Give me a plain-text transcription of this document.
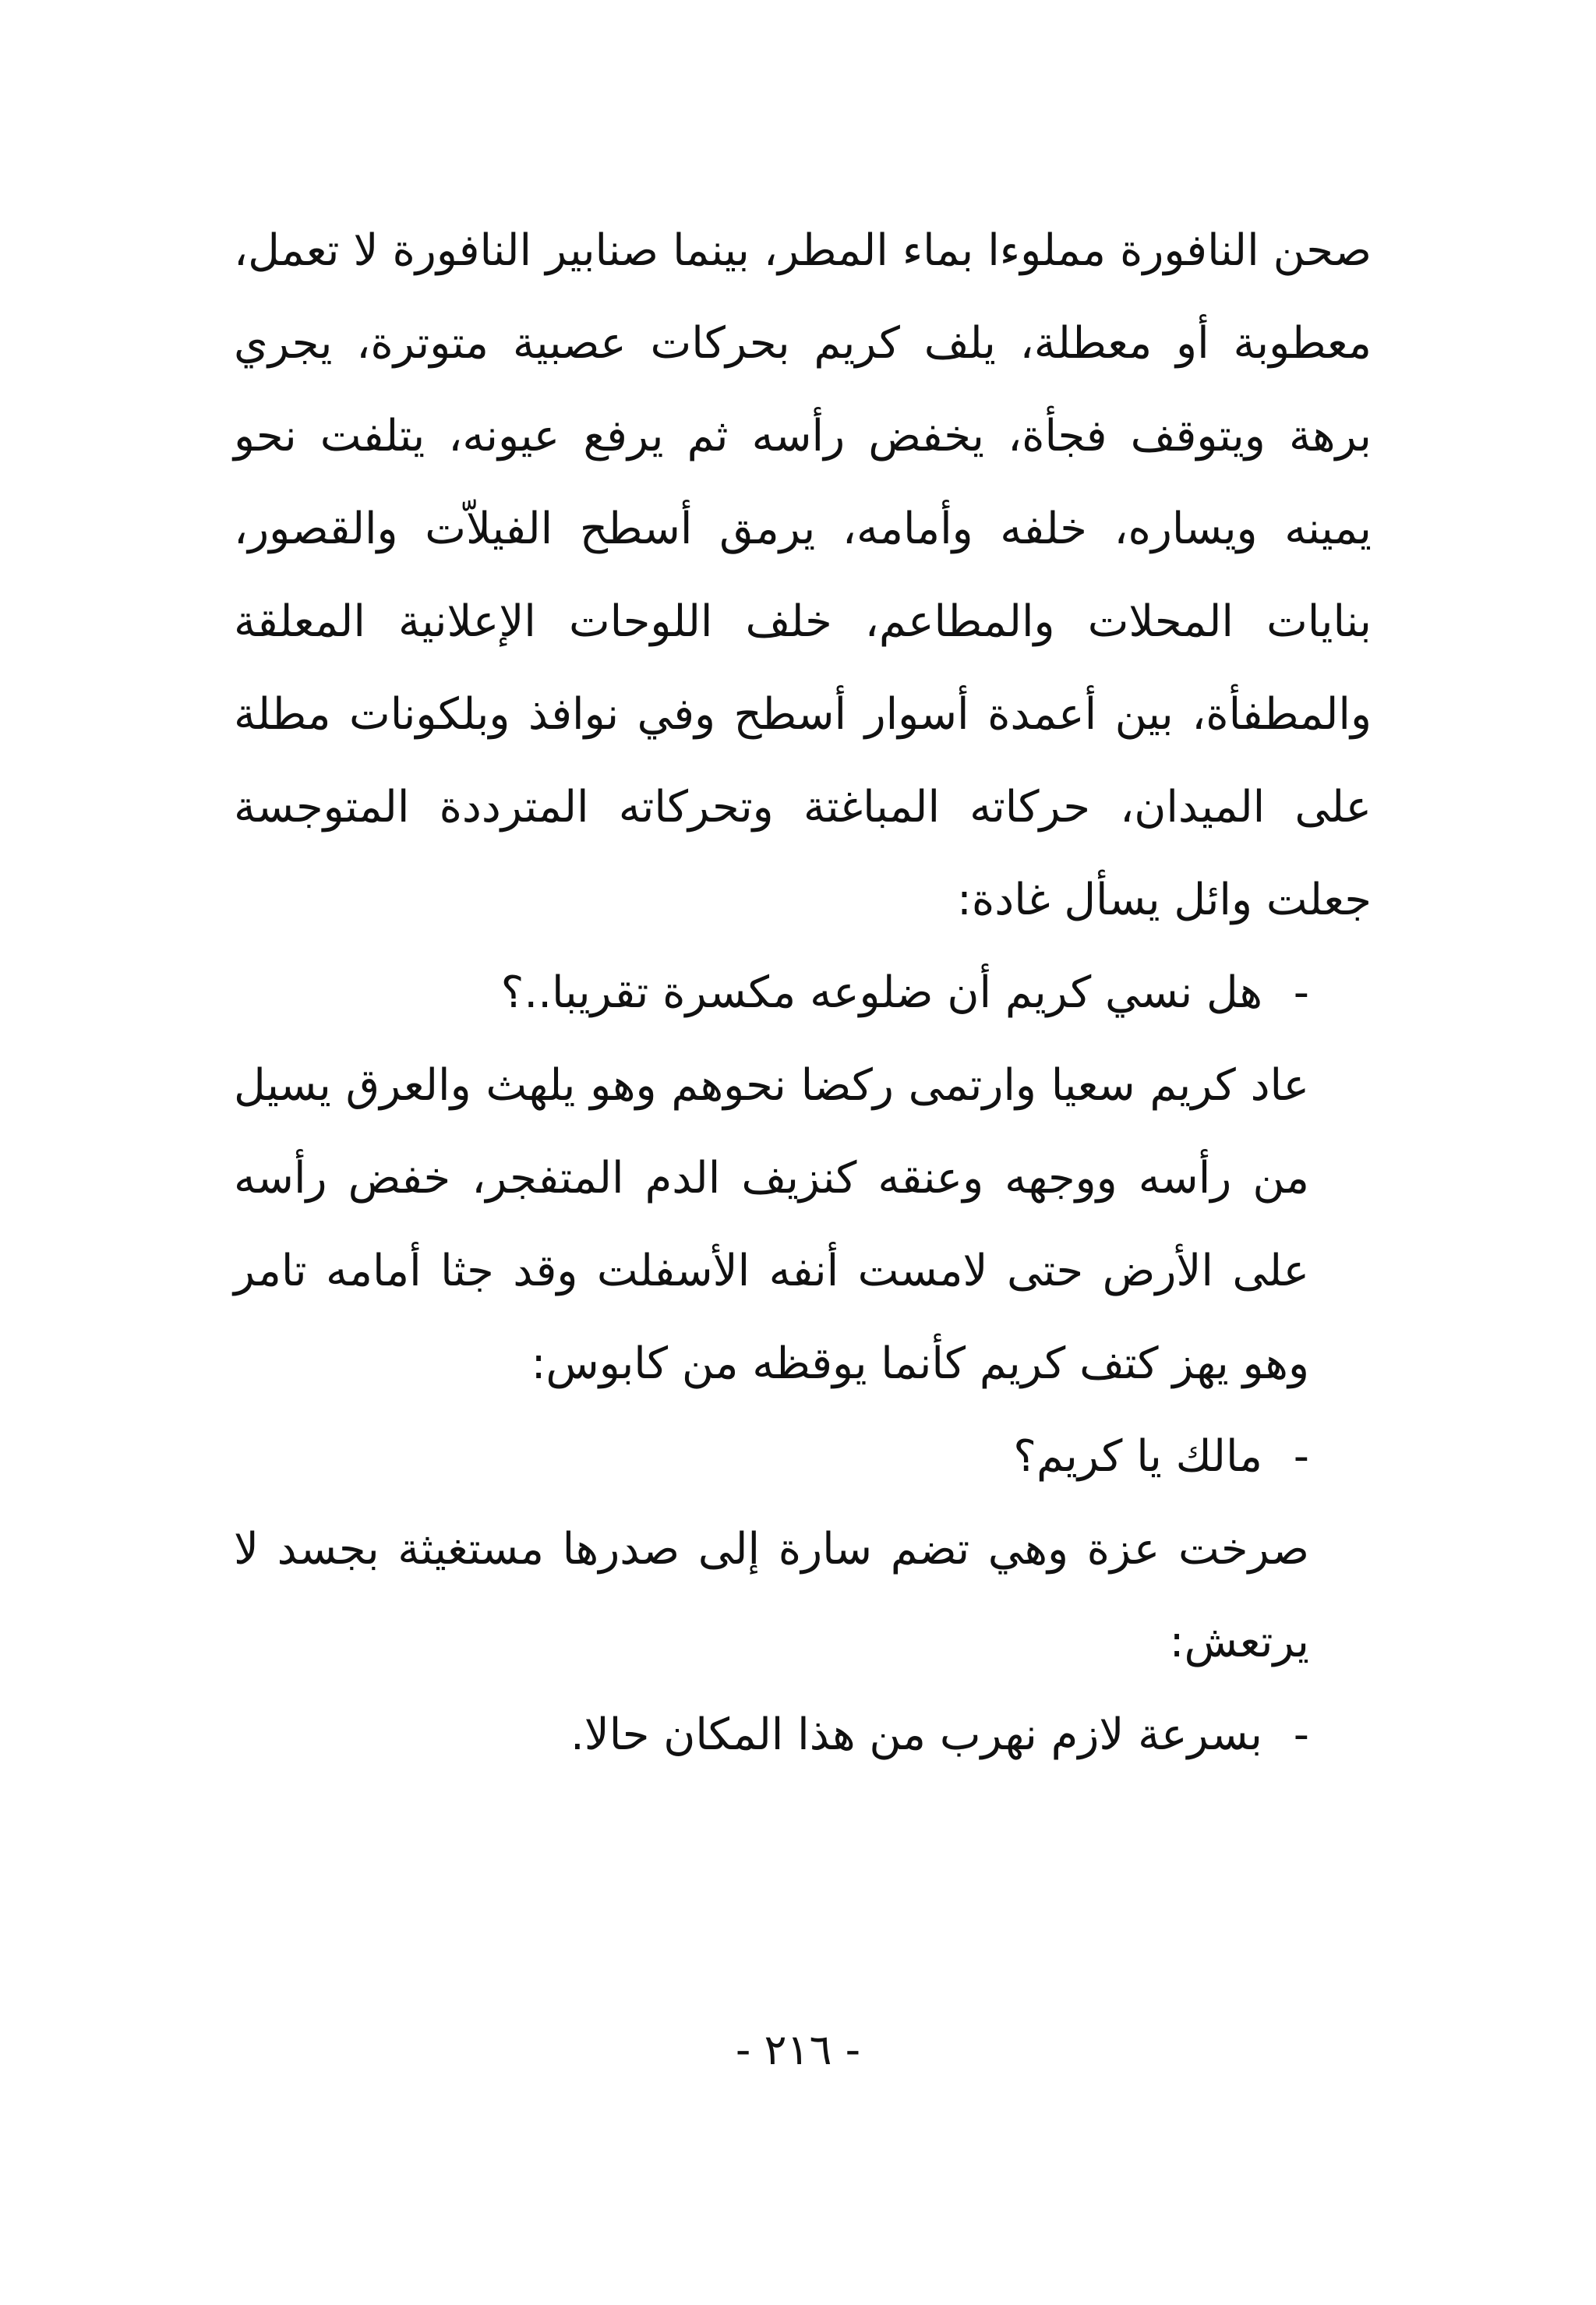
صحن النافورة مملوءا بماء المطر، بينما صنابير النافورة لا تعمل، معطوبة أو معطلة، يلف كريم بحركات عصبية متوترة، يجري برهة ويتوقف فجأة، يخفض رأسه ثم يرفع عيونه، يتلفت نحو يمينه ويساره، خلفه وأمامه، يرمق أسطح الفيلاّت والقصور، بنايات المحلات والمطاعم، خلف اللوحات الإعلانية المعلقة والمطفأة، بين أعمدة أسوار أسطح وفي نوافذ وبلكونات مطلة على الميدان، حركاته المباغتة وتحركاته المترددة المتوجسة جعلت وائل يسأل غادة:

-هل نسي كريم أن ضلوعه مكسرة تقريبا..؟

عاد كريم سعيا وارتمى ركضا نحوهم وهو يلهث والعرق يسيل من رأسه ووجهه وعنقه كنزيف الدم المتفجر، خفض رأسه على الأرض حتى لامست أنفه الأسفلت وقد جثا أمامه تامر وهو يهز كتف كريم كأنما يوقظه من كابوس:

-مالك يا كريم؟

صرخت عزة وهي تضم سارة إلى صدرها مستغيثة بجسد لا يرتعش:

-بسرعة لازم نهرب من هذا المكان حالا.

- ٢١٦ -
